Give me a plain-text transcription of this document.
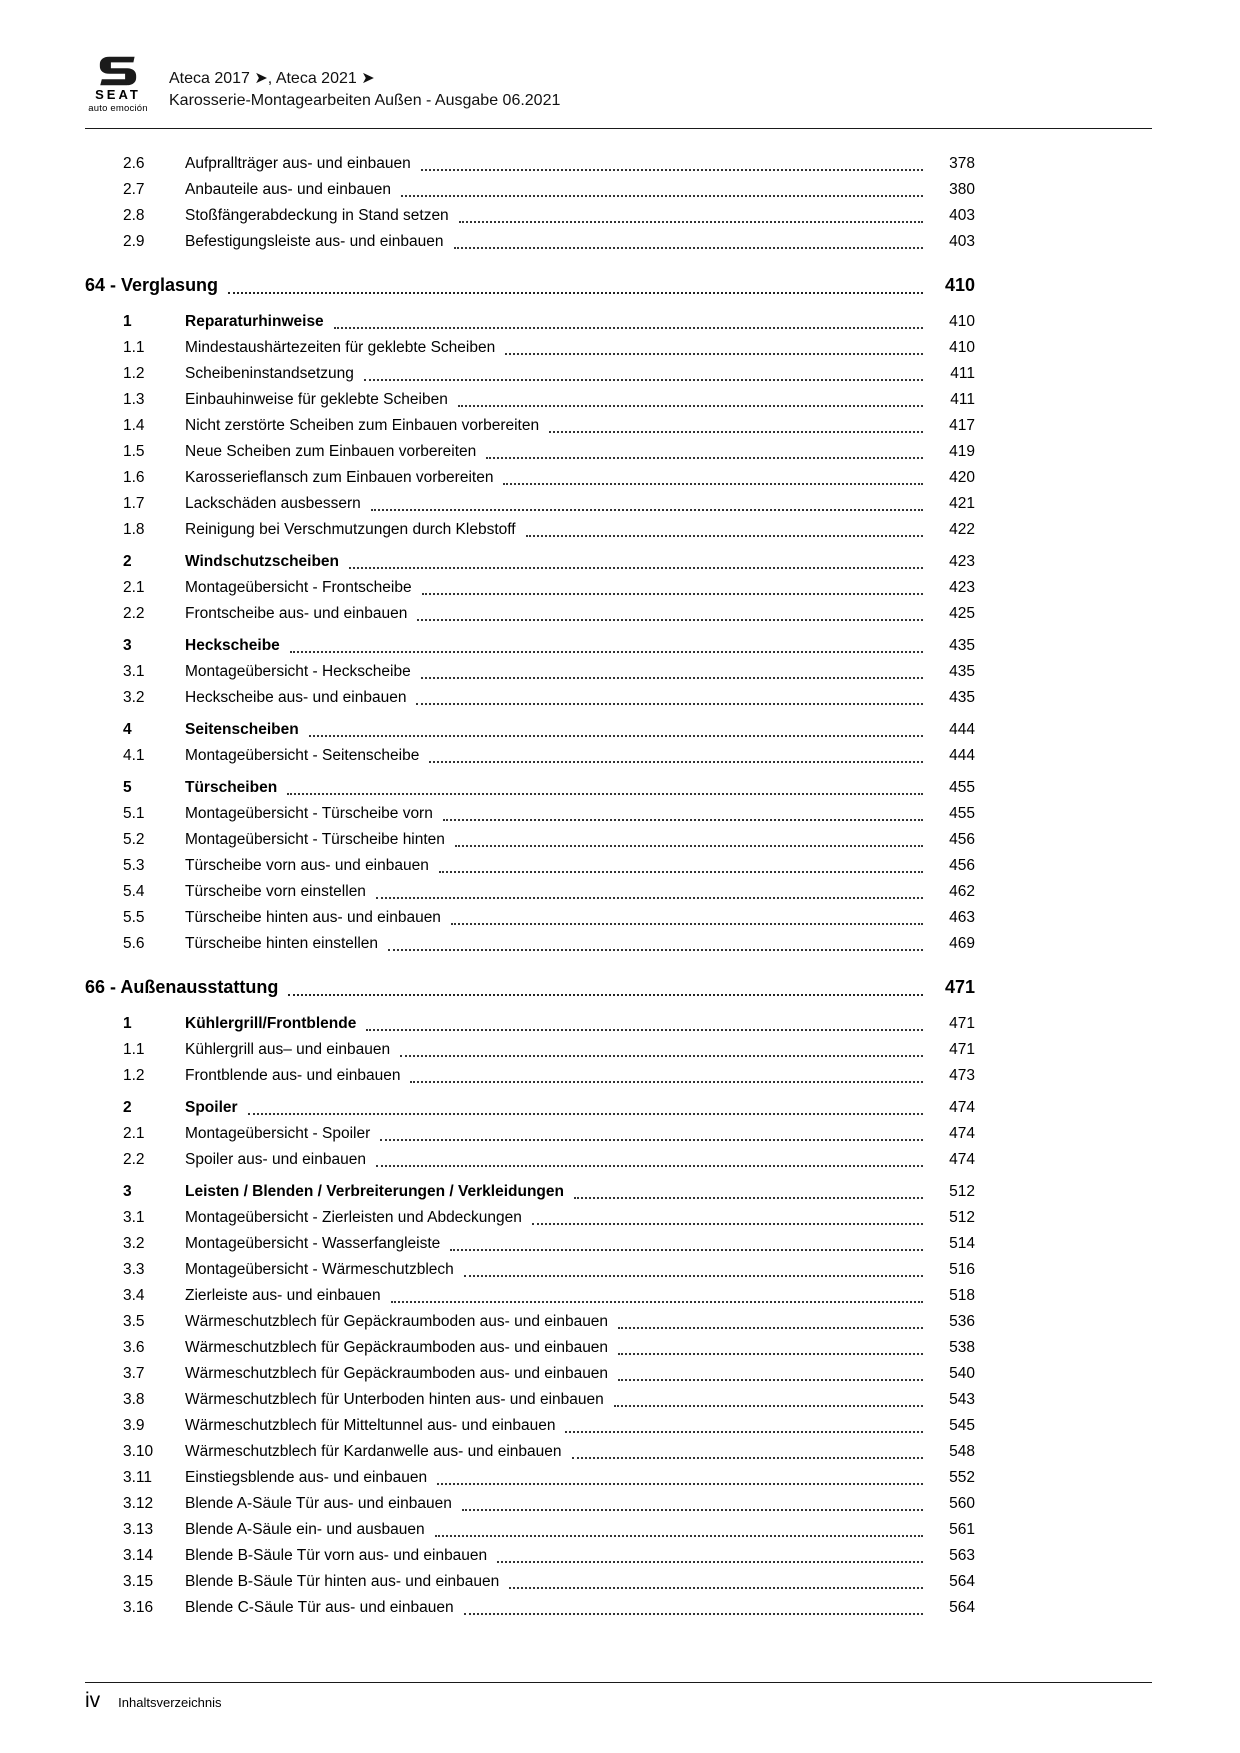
SEAT
auto emoción
Ateca 2017 ➤, Ateca 2021 ➤
Karosserie-Montagearbeiten Außen - Ausgabe 06.2021
2.6	Aufprallträger aus- und einbauen	378
2.7	Anbauteile aus- und einbauen	380
2.8	Stoßfängerabdeckung in Stand setzen	403
2.9	Befestigungsleiste aus- und einbauen	403
64 - Verglasung	410
1	Reparaturhinweise	410
1.1	Mindestaushärtezeiten für geklebte Scheiben	410
1.2	Scheibeninstandsetzung	411
1.3	Einbauhinweise für geklebte Scheiben	411
1.4	Nicht zerstörte Scheiben zum Einbauen vorbereiten	417
1.5	Neue Scheiben zum Einbauen vorbereiten	419
1.6	Karosserieflansch zum Einbauen vorbereiten	420
1.7	Lackschäden ausbessern	421
1.8	Reinigung bei Verschmutzungen durch Klebstoff	422
2	Windschutzscheiben	423
2.1	Montageübersicht - Frontscheibe	423
2.2	Frontscheibe aus- und einbauen	425
3	Heckscheibe	435
3.1	Montageübersicht - Heckscheibe	435
3.2	Heckscheibe aus- und einbauen	435
4	Seitenscheiben	444
4.1	Montageübersicht - Seitenscheibe	444
5	Türscheiben	455
5.1	Montageübersicht - Türscheibe vorn	455
5.2	Montageübersicht - Türscheibe hinten	456
5.3	Türscheibe vorn aus- und einbauen	456
5.4	Türscheibe vorn einstellen	462
5.5	Türscheibe hinten aus- und einbauen	463
5.6	Türscheibe hinten einstellen	469
66 - Außenausstattung	471
1	Kühlergrill/Frontblende	471
1.1	Kühlergrill aus– und einbauen	471
1.2	Frontblende aus- und einbauen	473
2	Spoiler	474
2.1	Montageübersicht - Spoiler	474
2.2	Spoiler aus- und einbauen	474
3	Leisten / Blenden / Verbreiterungen / Verkleidungen	512
3.1	Montageübersicht - Zierleisten und Abdeckungen	512
3.2	Montageübersicht - Wasserfangleiste	514
3.3	Montageübersicht - Wärmeschutzblech	516
3.4	Zierleiste aus- und einbauen	518
3.5	Wärmeschutzblech für Gepäckraumboden aus- und einbauen	536
3.6	Wärmeschutzblech für Gepäckraumboden aus- und einbauen	538
3.7	Wärmeschutzblech für Gepäckraumboden aus- und einbauen	540
3.8	Wärmeschutzblech für Unterboden hinten aus- und einbauen	543
3.9	Wärmeschutzblech für Mitteltunnel aus- und einbauen	545
3.10	Wärmeschutzblech für Kardanwelle aus- und einbauen	548
3.11	Einstiegsblende aus- und einbauen	552
3.12	Blende A-Säule Tür aus- und einbauen	560
3.13	Blende A-Säule ein- und ausbauen	561
3.14	Blende B-Säule Tür vorn aus- und einbauen	563
3.15	Blende B-Säule Tür hinten aus- und einbauen	564
3.16	Blende C-Säule Tür aus- und einbauen	564
iv Inhaltsverzeichnis
